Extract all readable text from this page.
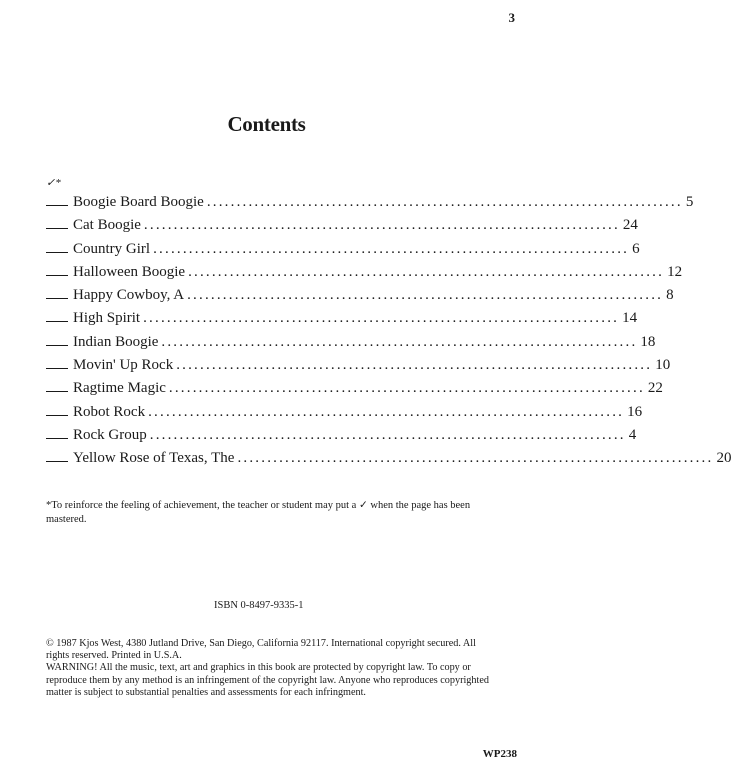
3
Contents
✓*
Boogie Board Boogie ................................................................................ 5
Cat Boogie ................................................................................ 24
Country Girl ................................................................................ 6
Halloween Boogie ................................................................................ 12
Happy Cowboy, A ................................................................................ 8
High Spirit ................................................................................ 14
Indian Boogie ................................................................................ 18
Movin' Up Rock ................................................................................ 10
Ragtime Magic ................................................................................ 22
Robot Rock ................................................................................ 16
Rock Group ................................................................................ 4
Yellow Rose of Texas, The ................................................................................ 20
*To reinforce the feeling of achievement, the teacher or student may put a ✓ when the page has been mastered.
ISBN 0-8497-9335-1
© 1987 Kjos West, 4380 Jutland Drive, San Diego, California 92117. International copyright secured. All rights reserved. Printed in U.S.A.
WARNING! All the music, text, art and graphics in this book are protected by copyright law. To copy or reproduce them by any method is an infringement of the copyright law. Anyone who reproduces copyrighted matter is subject to substantial penalties and assessments for each infringment.
WP238
